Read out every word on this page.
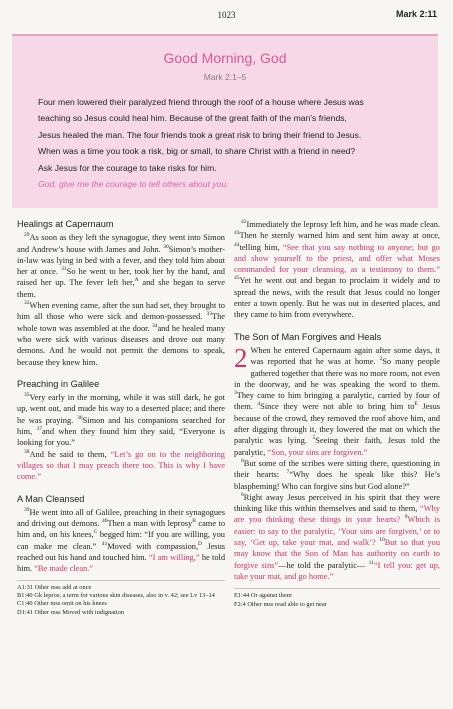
1023	Mark 2:11
Good Morning, God
Mark 2:1–5
Four men lowered their paralyzed friend through the roof of a house where Jesus was
teaching so Jesus could heal him. Because of the great faith of the man’s friends,
Jesus healed the man. The four friends took a great risk to bring their friend to Jesus.
When was a time you took a risk, big or small, to share Christ with a friend in need?
Ask Jesus for the courage to take risks for him.
God, give me the courage to tell others about you.
Healings at Capernaum

$^{29}$As soon as they left the synagogue, they went into Simon and Andrew’s house with James and John. $^{30}$Simon’s mother-in-law was lying in bed with a fever, and they told him about her at once. $^{31}$So he went to her, took her by the hand, and raised her up. The fever left her,$^A$ and she began to serve them.

$^{32}$When evening came, after the sun had set, they brought to him all those who were sick and demon-possessed. $^{33}$The whole town was assembled at the door. $^{34}$and he healed many who were sick with various diseases and drove out many demons. And he would not permit the demons to speak, because they knew him.

Preaching in Galilee

$^{35}$Very early in the morning, while it was still dark, he got up, went out, and made his way to a deserted place; and there he was praying. $^{36}$Simon and his companions searched for him, $^{37}$and when they found him they said, “Everyone is looking for you.”

$^{38}$And he said to them, “Let’s go on to the neighboring villages so that I may preach there too. This is why I have come.”

A Man Cleansed

$^{39}$He went into all of Galilee, preaching in their synagogues and driving out demons. $^{40}$Then a man with leprosy$^B$ came to him and, on his knees,$^C$ begged him: “If you are willing, you can make me clean.” $^{41}$Moved with compassion,$^D$ Jesus reached out his hand and touched him. “I am willing,” he told him. “Be made clean.”

A1:31 Other mss add at once
B1:40 Gk lepros; a term for various skin diseases, also in v. 42; see Lv 13–14
C1:40 Other mss omit on his knees
D1:41 Other mss Moved with indignation

$^{42}$Immediately the leprosy left him, and he was made clean. $^{43}$Then he sternly warned him and sent him away at once, $^{44}$telling him, “See that you say nothing to anyone; but go and show yourself to the priest, and offer what Moses commanded for your cleansing, as a testimony to them.” $^{45}$Yet he went out and began to proclaim it widely and to spread the news, with the result that Jesus could no longer enter a town openly. But he was out in deserted places, and they came to him from everywhere.

The Son of Man Forgives and Heals

2 When he entered Capernaum again after some days, it was reported that he was at home. $^2$So many people gathered together that there was no more room, not even in the doorway, and he was speaking the word to them. $^3$They came to him bringing a paralytic, carried by four of them. $^4$Since they were not able to bring him $to^E$ Jesus because of the crowd, they removed the roof above him, and after digging through it, they lowered the mat on which the paralytic was lying. $^5$Seeing their faith, Jesus told the paralytic, “Son, your sins are forgiven.”

$^6$But some of the scribes were sitting there, questioning in their hearts: $^7$“Why does he speak like this? He’s blaspheming! Who can forgive sins but God alone?”

$^8$Right away Jesus perceived in his spirit that they were thinking like this within themselves and said to them, “Why are you thinking these things in your hearts? $^9$Which is easier: to say to the paralytic, ‘Your sins are forgiven,’ or to say, ‘Get up, take your mat, and walk’? $^{10}$But so that you may know that the Son of Man has authority on earth to forgive sins”—he told the paralytic— $^{11}$“I tell you: get up, take your mat, and go home.”

E1:44 Or against them
F2:4 Other mss read able to get near
